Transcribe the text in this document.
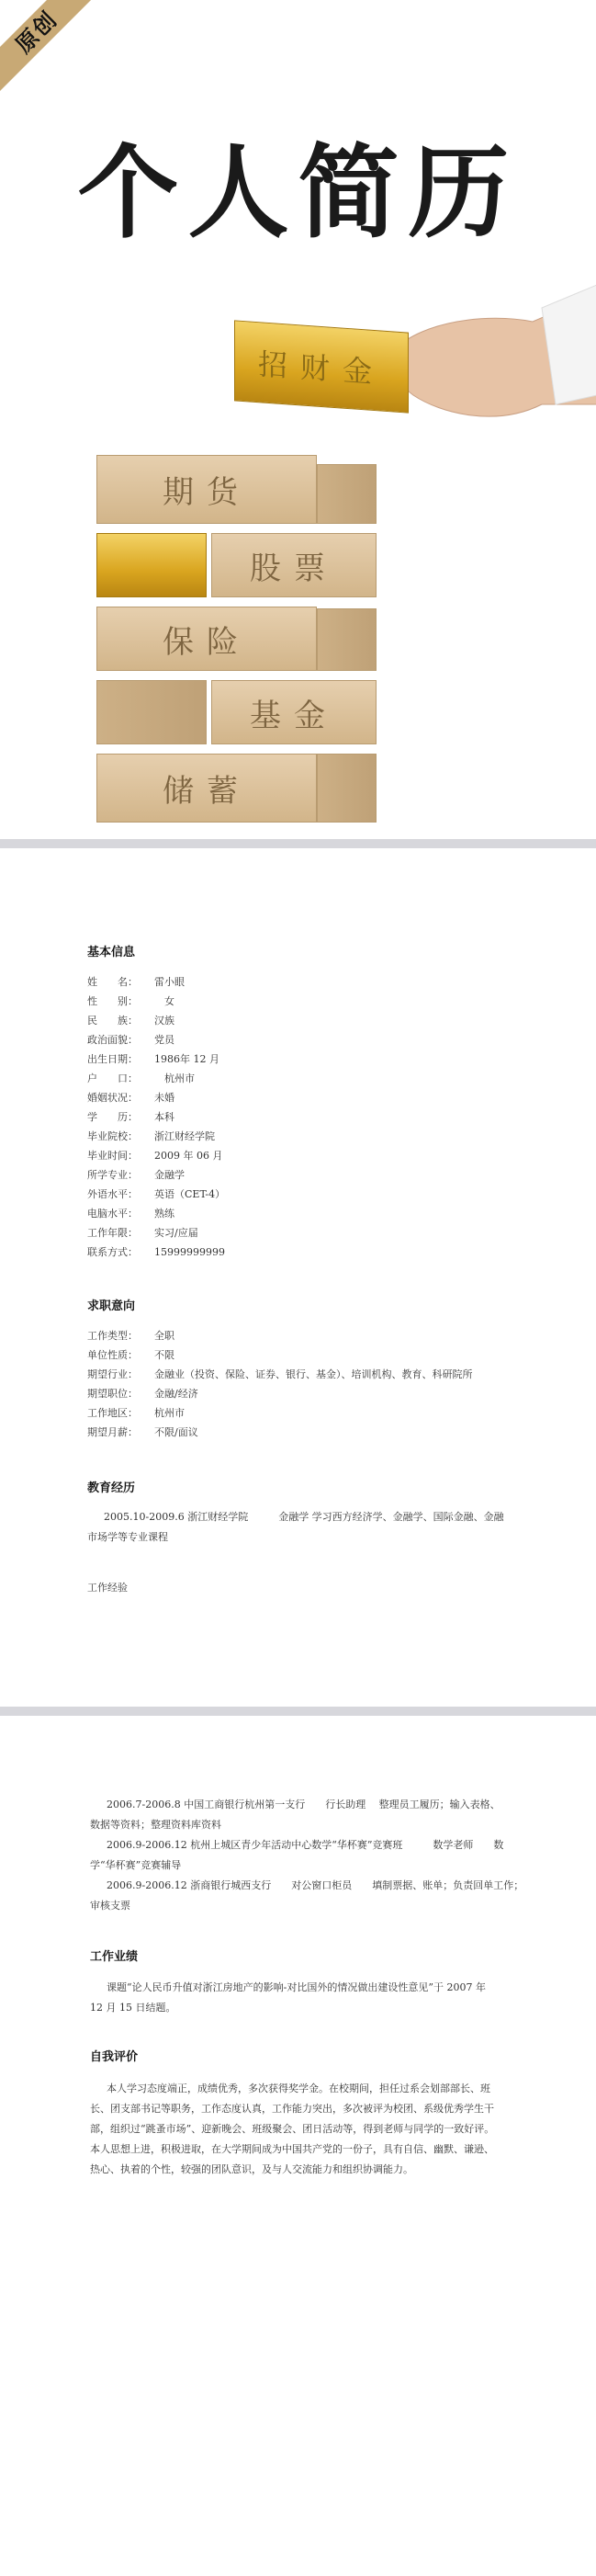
原创
个人简历
招财金
期货
股票
保险
基金
储蓄
基本信息
姓　　名： 雷小眼
性　　别：　女
民　　族： 汉族
政治面貌： 党员
出生日期： 1986年 12 月
户　　口：　杭州市
婚姻状况： 未婚
学　　历： 本科
毕业院校： 浙江财经学院
毕业时间： 2009 年 06 月
所学专业： 金融学
外语水平： 英语（CET-4）
电脑水平： 熟练
工作年限： 实习/应届
联系方式： 15999999999
求职意向
工作类型： 全职
单位性质： 不限
期望行业： 金融业（投资、保险、证券、银行、基金）、培训机构、教育、科研院所
期望职位： 金融/经济
工作地区： 杭州市
期望月薪： 不限/面议
教育经历
2005.10-2009.6 浙江财经学院　　　金融学 学习西方经济学、金融学、国际金融、金融
市场学等专业课程
工作经验
2006.7-2006.8 中国工商银行杭州第一支行　　行长助理　 整理员工履历；输入表格、
数据等资料；整理资料库资料
2006.9-2006.12 杭州上城区青少年活动中心数学“华杯赛”竞赛班　　　数学老师　　数
学“华杯赛”竞赛辅导
2006.9-2006.12 浙商银行城西支行　　对公窗口柜员　　填制票据、账单；负责回单工作；
审核支票
工作业绩
课题“论人民币升值对浙江房地产的影响-对比国外的情况做出建设性意见”于 2007 年
12 月 15 日结题。
自我评价
本人学习态度端正，成绩优秀，多次获得奖学金。在校期间，担任过系会划部部长、班
长、团支部书记等职务，工作态度认真，工作能力突出，多次被评为校团、系级优秀学生干
部，组织过“跳蚤市场”、迎新晚会、班级聚会、团日活动等，得到老师与同学的一致好评。
本人思想上进，积极进取，在大学期间成为中国共产党的一份子，具有自信、幽默、谦逊、
热心、执着的个性，较强的团队意识，及与人交流能力和组织协调能力。
